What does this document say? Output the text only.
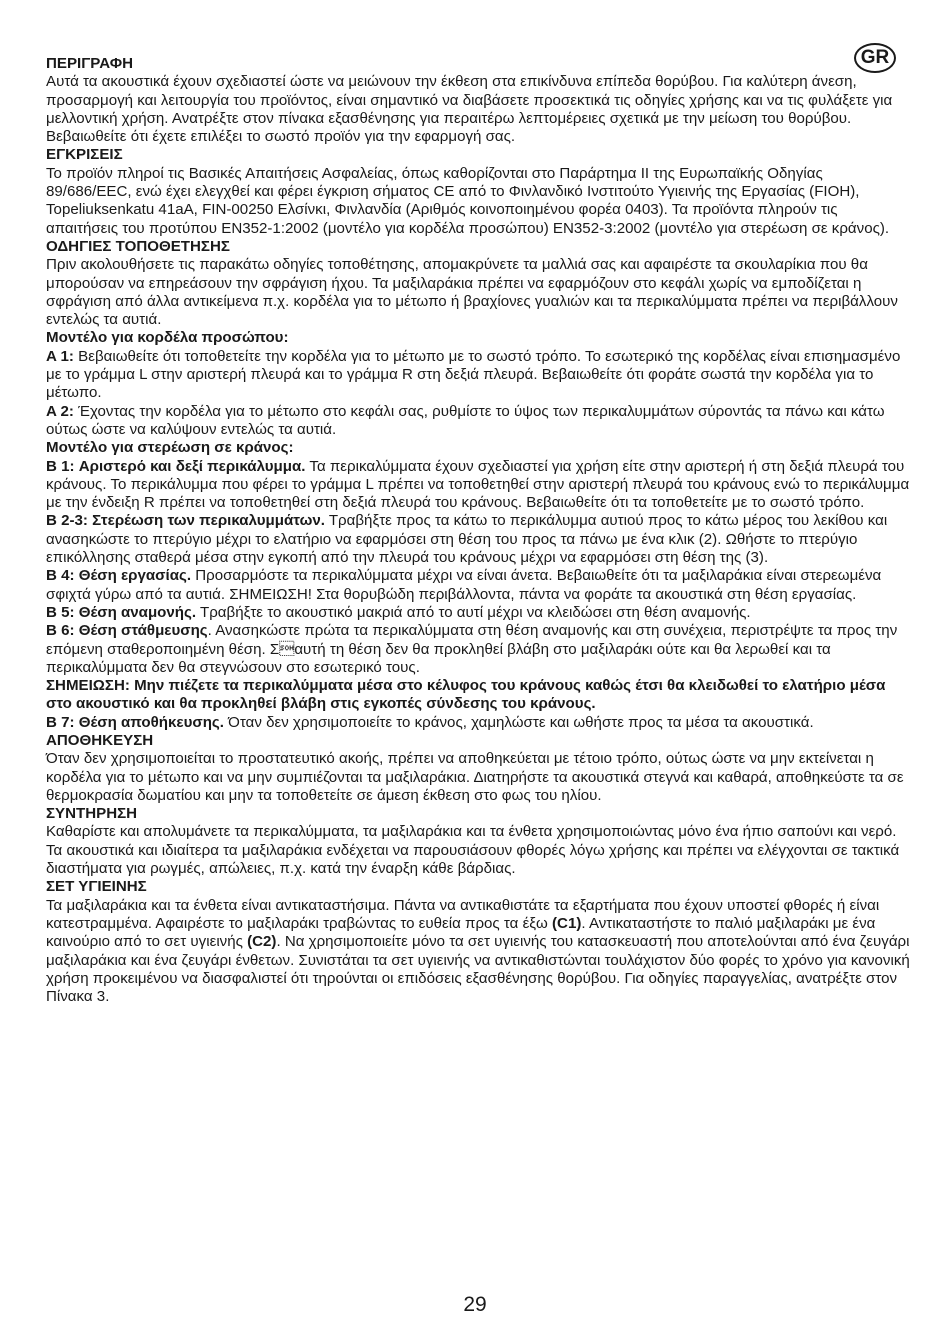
GR

ΠΕΡΙΓΡΑΦΗ

Αυτά τα ακουστικά έχουν σχεδιαστεί ώστε να μειώνουν την έκθεση στα επικίνδυνα επίπεδα θορύβου. Για καλύτερη άνεση, προσαρμογή και λειτουργία του προϊόντος, είναι σημαντικό να διαβάσετε προσεκτικά τις οδηγίες χρήσης και να τις φυλάξετε για μελλοντική χρήση. Ανατρέξτε στον πίνακα εξασθένησης για περαιτέρω λεπτομέρειες σχετικά με την μείωση του θορύβου. Βεβαιωθείτε ότι έχετε επιλέξει το σωστό προϊόν για την εφαρμογή σας.

ΕΓΚΡΙΣΕΙΣ

Το προϊόν πληροί τις Βασικές Απαιτήσεις Ασφαλείας, όπως καθορίζονται στο Παράρτημα II της Ευρωπαϊκής Οδηγίας 89/686/EEC, ενώ έχει ελεγχθεί και φέρει έγκριση σήματος CE από το Φινλανδικό Ινστιτούτο Υγιεινής της Εργασίας (FIOH), Topeliuksenkatu 41aA, FIN-00250 Ελσίνκι, Φινλανδία (Αριθμός κοινοποιημένου φορέα 0403). Τα προϊόντα πληρούν τις απαιτήσεις του προτύπου EN352-1:2002 (μοντέλο για κορδέλα προσώπου) EN352-3:2002 (μοντέλο για στερέωση σε κράνος).

ΟΔΗΓΙΕΣ ΤΟΠΟΘΕΤΗΣΗΣ

Πριν ακολουθήσετε τις παρακάτω οδηγίες τοποθέτησης, απομακρύνετε τα μαλλιά σας και αφαιρέστε τα σκουλαρίκια που θα μπορούσαν να επηρεάσουν την σφράγιση ήχου. Τα μαξιλαράκια πρέπει να εφαρμόζουν στο κεφάλι χωρίς να εμποδίζεται η σφράγιση από άλλα αντικείμενα π.χ. κορδέλα για το μέτωπο ή βραχίονες γυαλιών και τα περικαλύμματα πρέπει να περιβάλλουν εντελώς τα αυτιά.

Μοντέλο για κορδέλα προσώπου:

A 1: Βεβαιωθείτε ότι τοποθετείτε την κορδέλα για το μέτωπο με το σωστό τρόπο. Το εσωτερικό της κορδέλας είναι επισημασμένο με το γράμμα L στην αριστερή πλευρά και το γράμμα R στη δεξιά πλευρά. Βεβαιωθείτε ότι φοράτε σωστά την κορδέλα για το μέτωπο.

A 2: Έχοντας την κορδέλα για το μέτωπο στο κεφάλι σας, ρυθμίστε το ύψος των περικαλυμμάτων σύροντάς τα πάνω και κάτω ούτως ώστε να καλύψουν εντελώς τα αυτιά.

Μοντέλο για στερέωση σε κράνος:

B 1: Αριστερό και δεξί περικάλυμμα. Τα περικαλύμματα έχουν σχεδιαστεί για χρήση είτε στην αριστερή ή στη δεξιά πλευρά του κράνους. Το περικάλυμμα που φέρει το γράμμα L πρέπει να τοποθετηθεί στην αριστερή πλευρά του κράνους ενώ το περικάλυμμα με την ένδειξη R πρέπει να τοποθετηθεί στη δεξιά πλευρά του κράνους. Βεβαιωθείτε ότι τα τοποθετείτε με το σωστό τρόπο.

B 2-3: Στερέωση των περικαλυμμάτων. Τραβήξτε προς τα κάτω το περικάλυμμα αυτιού προς το κάτω μέρος του λεκίθου και ανασηκώστε το πτερύγιο μέχρι το ελατήριο να εφαρμόσει στη θέση του προς τα πάνω με ένα κλικ (2). Ωθήστε το πτερύγιο επικόλλησης σταθερά μέσα στην εγκοπή από την πλευρά του κράνους μέχρι να εφαρμόσει στη θέση της (3).

B 4: Θέση εργασίας. Προσαρμόστε τα περικαλύμματα μέχρι να είναι άνετα. Βεβαιωθείτε ότι τα μαξιλαράκια είναι στερεωμένα σφιχτά γύρω από τα αυτιά. ΣΗΜΕΙΩΣΗ! Στα θορυβώδη περιβάλλοντα, πάντα να φοράτε τα ακουστικά στη θέση εργασίας.

B 5: Θέση αναμονής. Τραβήξτε το ακουστικό μακριά από το αυτί μέχρι να κλειδώσει στη θέση αναμονής.

B 6: Θέση στάθμευσης. Ανασηκώστε πρώτα τα περικαλύμματα στη θέση αναμονής και στη συνέχεια, περιστρέψτε τα προς την επόμενη σταθεροποιημένη θέση. Σαυτή τη θέση δεν θα προκληθεί βλάβη στο μαξιλαράκι ούτε και θα λερωθεί και τα περικαλύμματα δεν θα στεγνώσουν στο εσωτερικό τους.

ΣΗΜΕΙΩΣΗ: Μην πιέζετε τα περικαλύμματα μέσα στο κέλυφος του κράνους καθώς έτσι θα κλειδωθεί το ελατήριο μέσα στο ακουστικό και θα προκληθεί βλάβη στις εγκοπές σύνδεσης του κράνους.

B 7: Θέση αποθήκευσης. Όταν δεν χρησιμοποιείτε το κράνος, χαμηλώστε και ωθήστε προς τα μέσα τα ακουστικά.

ΑΠΟΘΗΚΕΥΣΗ

Όταν δεν χρησιμοποιείται το προστατευτικό ακοής, πρέπει να αποθηκεύεται με τέτοιο τρόπο, ούτως ώστε να μην εκτείνεται η κορδέλα για το μέτωπο και να μην συμπιέζονται τα μαξιλαράκια. Διατηρήστε τα ακουστικά στεγνά και καθαρά, αποθηκεύστε τα σε θερμοκρασία δωματίου και μην τα τοποθετείτε σε άμεση έκθεση στο φως του ηλίου.

ΣΥΝΤΗΡΗΣΗ

Καθαρίστε και απολυμάνετε τα περικαλύμματα, τα μαξιλαράκια και τα ένθετα χρησιμοποιώντας μόνο ένα ήπιο σαπούνι και νερό. Τα ακουστικά και ιδιαίτερα τα μαξιλαράκια ενδέχεται να παρουσιάσουν φθορές λόγω χρήσης και πρέπει να ελέγχονται σε τακτικά διαστήματα για ρωγμές, απώλειες, π.χ. κατά την έναρξη κάθε βάρδιας.

ΣΕΤ ΥΓΙΕΙΝΗΣ

Τα μαξιλαράκια και τα ένθετα είναι αντικαταστήσιμα. Πάντα να αντικαθιστάτε τα εξαρτήματα που έχουν υποστεί φθορές ή είναι κατεστραμμένα. Αφαιρέστε το μαξιλαράκι τραβώντας το ευθεία προς τα έξω (C1). Αντικαταστήστε το παλιό μαξιλαράκι με ένα καινούριο από το σετ υγιεινής (C2). Να χρησιμοποιείτε μόνο τα σετ υγιεινής του κατασκευαστή που αποτελούνται από ένα ζευγάρι μαξιλαράκια και ένα ζευγάρι ένθετων. Συνιστάται τα σετ υγιεινής να αντικαθιστώνται τουλάχιστον δύο φορές το χρόνο για κανονική χρήση προκειμένου να διασφαλιστεί ότι τηρούνται οι επιδόσεις εξασθένησης θορύβου. Για οδηγίες παραγγελίας, ανατρέξτε στον Πίνακα 3.

29
